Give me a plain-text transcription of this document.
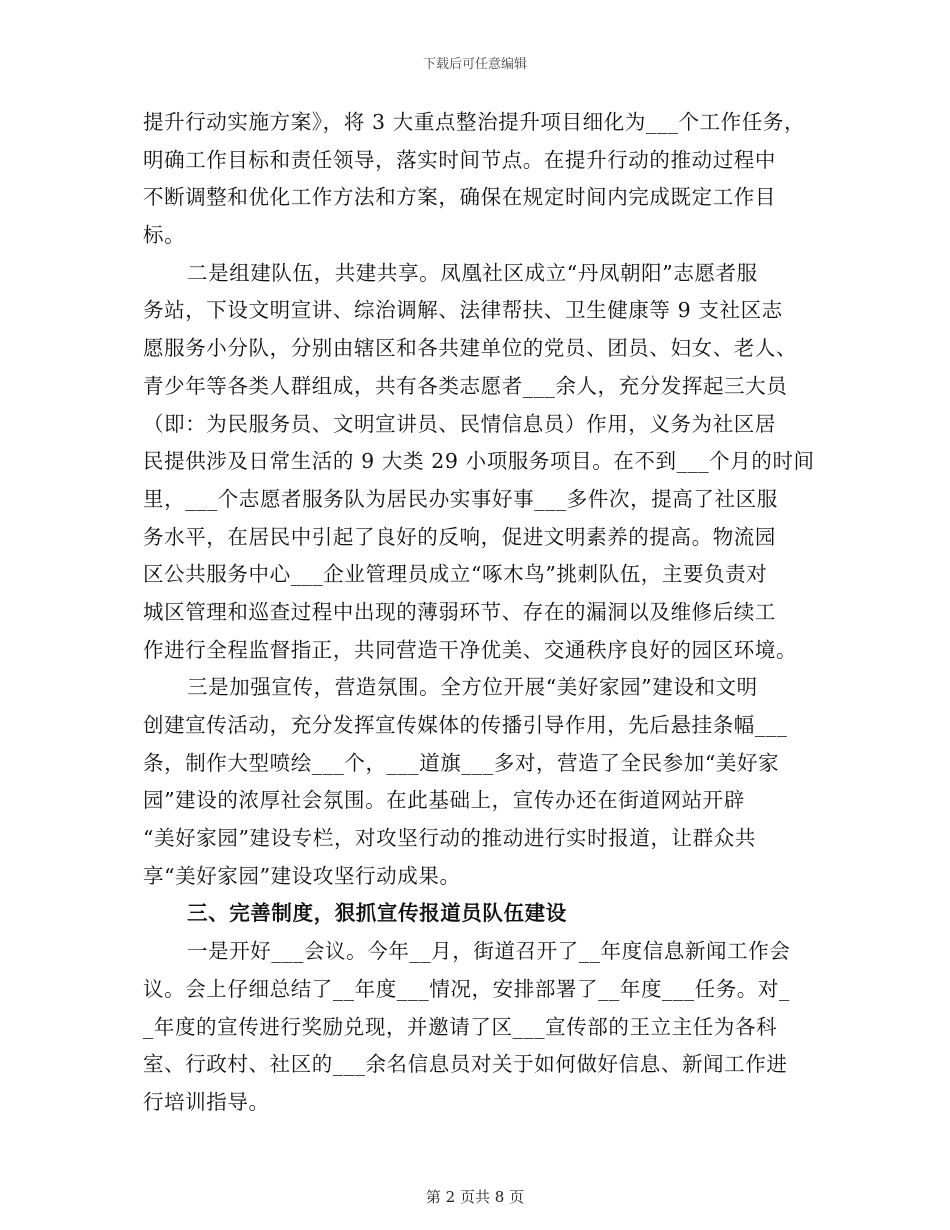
下载后可任意编辑
提升行动实施方案》，将 3 大重点整治提升项目细化为___个工作任务，
明确工作目标和责任领导，落实时间节点。在提升行动的推动过程中
不断调整和优化工作方法和方案，确保在规定时间内完成既定工作目
标。
二是组建队伍，共建共享。凤凰社区成立“丹凤朝阳”志愿者服
务站，下设文明宣讲、综治调解、法律帮扶、卫生健康等 9 支社区志
愿服务小分队，分别由辖区和各共建单位的党员、团员、妇女、老人、
青少年等各类人群组成，共有各类志愿者___余人，充分发挥起三大员
（即：为民服务员、文明宣讲员、民情信息员）作用，义务为社区居
民提供涉及日常生活的 9 大类 29 小项服务项目。在不到___个月的时间
里，___个志愿者服务队为居民办实事好事___多件次，提高了社区服
务水平，在居民中引起了良好的反响，促进文明素养的提高。物流园
区公共服务中心___企业管理员成立“啄木鸟”挑刺队伍，主要负责对
城区管理和巡查过程中出现的薄弱环节、存在的漏洞以及维修后续工
作进行全程监督指正，共同营造干净优美、交通秩序良好的园区环境。
三是加强宣传，营造氛围。全方位开展“美好家园”建设和文明
创建宣传活动，充分发挥宣传媒体的传播引导作用，先后悬挂条幅___
条，制作大型喷绘___个，___道旗___多对，营造了全民参加“美好家
园”建设的浓厚社会氛围。在此基础上，宣传办还在街道网站开辟
“美好家园”建设专栏，对攻坚行动的推动进行实时报道，让群众共
享“美好家园”建设攻坚行动成果。
三、完善制度，狠抓宣传报道员队伍建设
一是开好___会议。今年__月，街道召开了__年度信息新闻工作会
议。会上仔细总结了__年度___情况，安排部署了__年度___任务。对_
_年度的宣传进行奖励兑现，并邀请了区___宣传部的王立主任为各科
室、行政村、社区的___余名信息员对关于如何做好信息、新闻工作进
行培训指导。
第 2 页共 8 页
